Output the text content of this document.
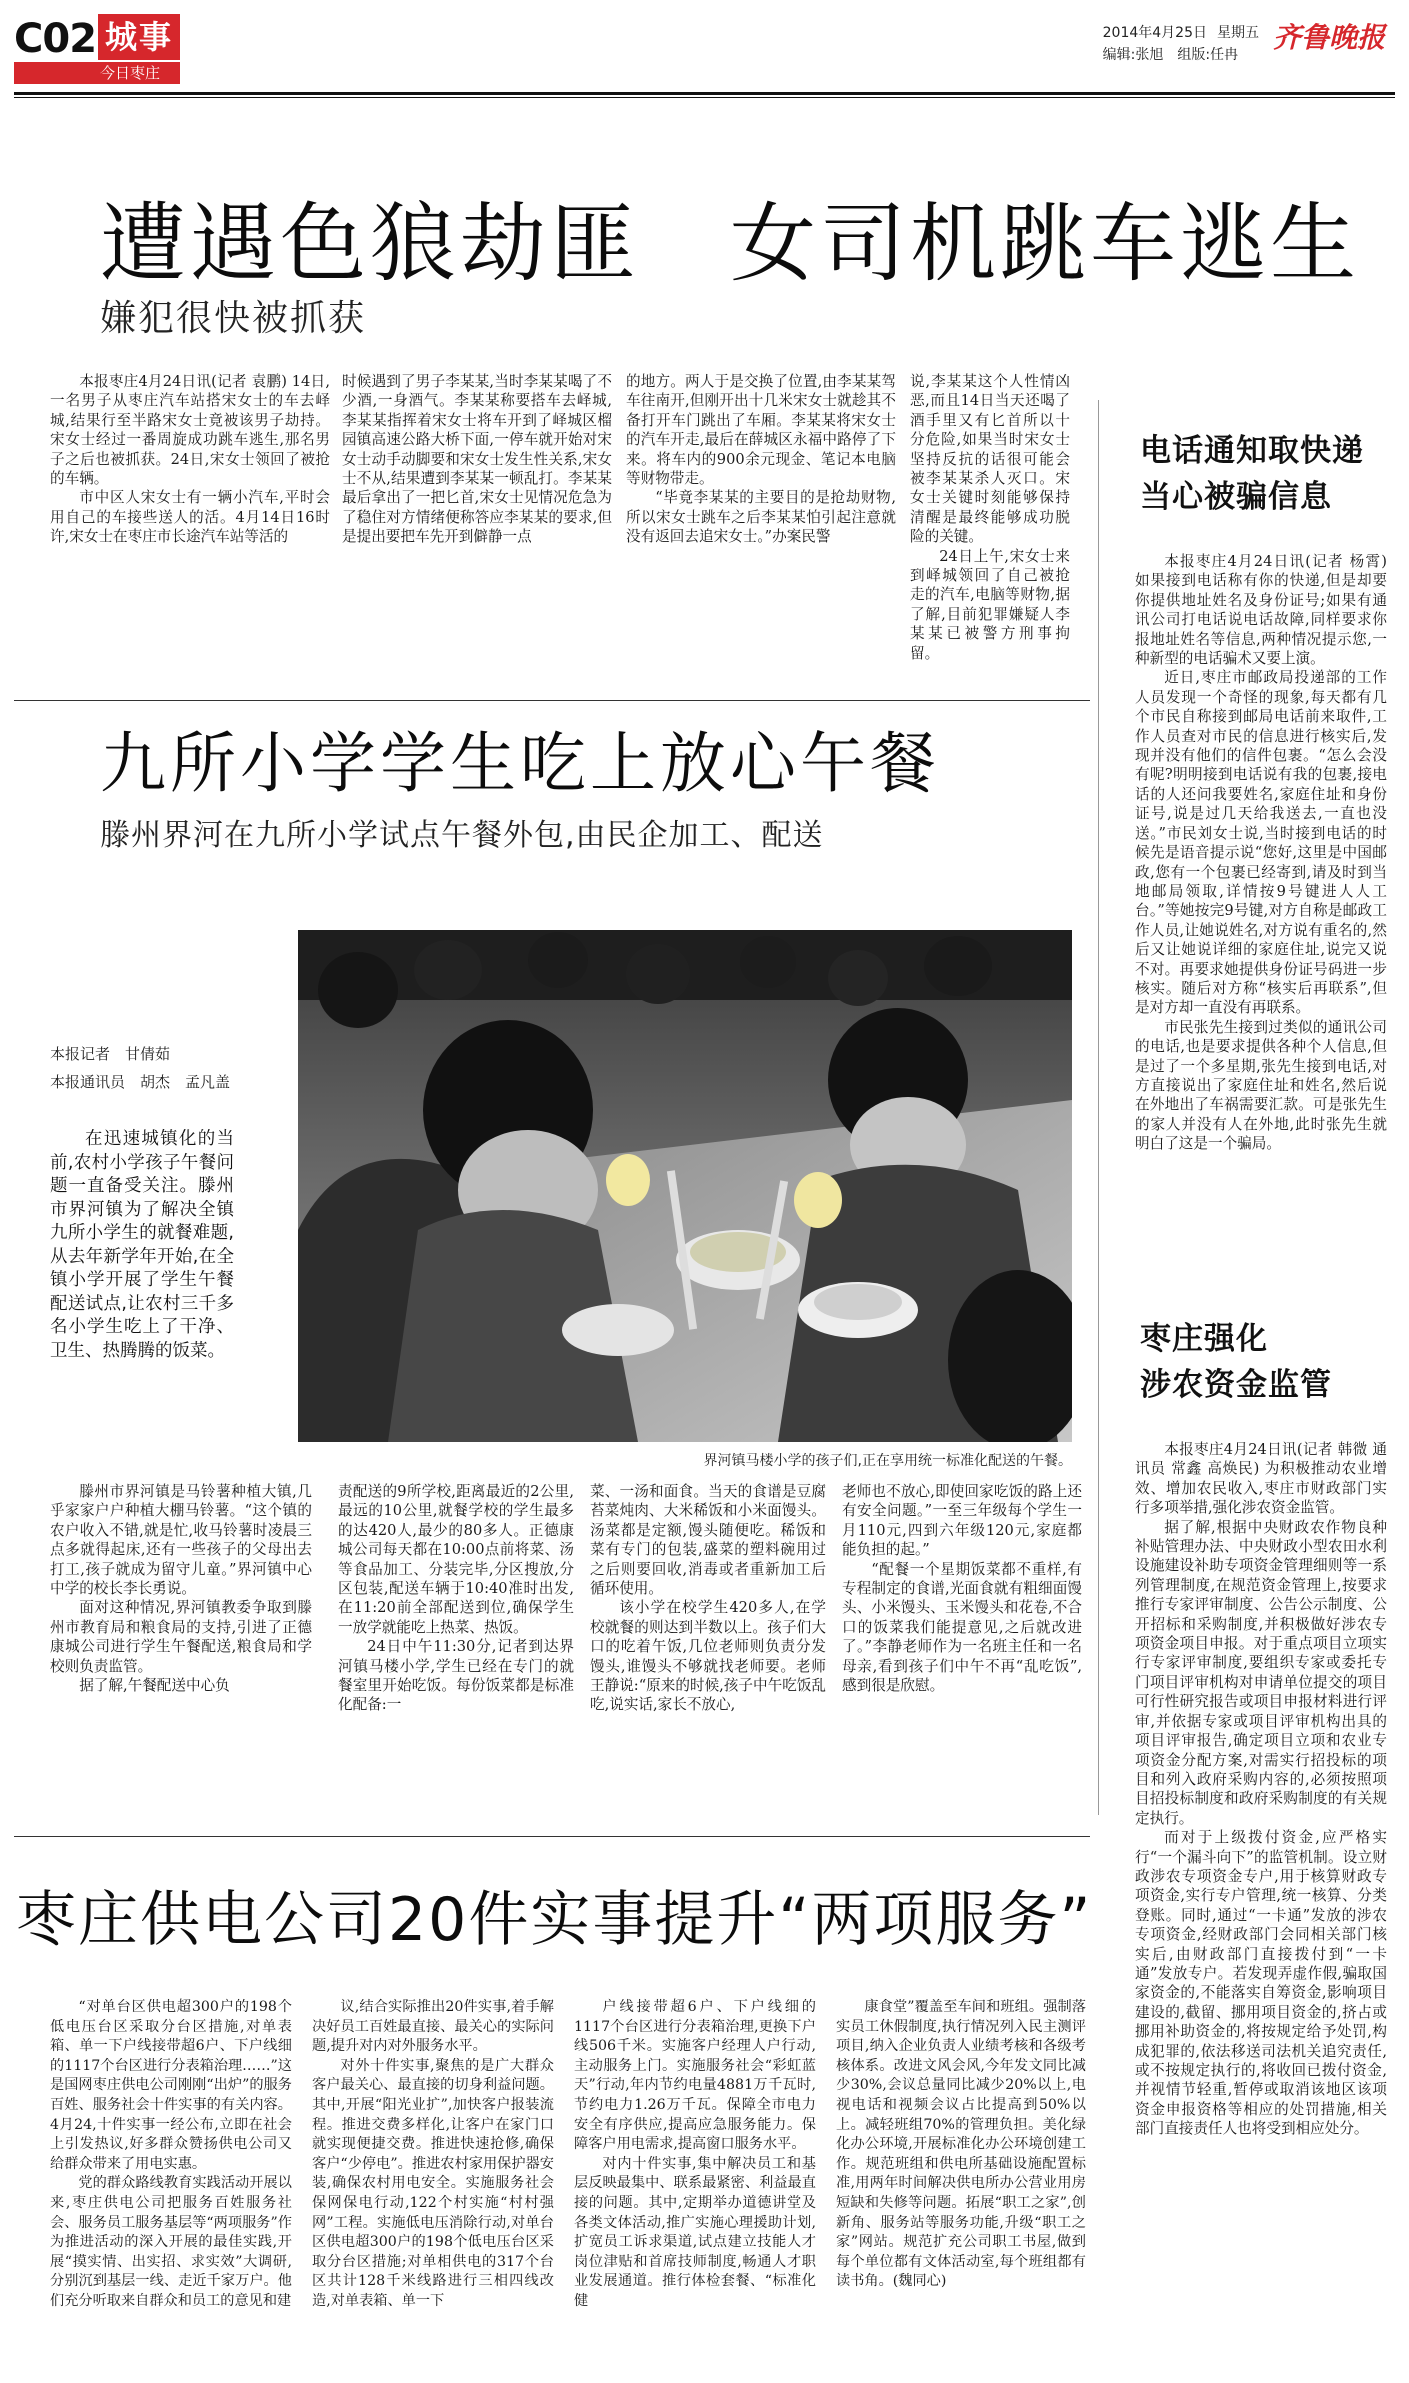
C02 城事
今日枣庄
2014年4月25日 星期五
编辑:张旭　 组版:任冉
齐鲁晚报
遭遇色狼劫匪　女司机跳车逃生
嫌犯很快被抓获

本报枣庄4月24日讯(记者 袁鹏) 14日,一名男子从枣庄汽车站搭宋女士的车去峄城,结果行至半路宋女士竟被该男子劫持。宋女士经过一番周旋成功跳车逃生,那名男子之后也被抓获。24日,宋女士领回了被抢的车辆。

市中区人宋女士有一辆小汽车,平时会用自己的车接些送人的活。4月14日16时许,宋女士在枣庄市长途汽车站等活的

时候遇到了男子李某某,当时李某某喝了不少酒,一身酒气。李某某称要搭车去峄城,李某某指挥着宋女士将车开到了峄城区榴园镇高速公路大桥下面,一停车就开始对宋女士动手动脚要和宋女士发生性关系,宋女士不从,结果遭到李某某一顿乱打。李某某最后拿出了一把匕首,宋女士见情况危急为了稳住对方情绪便称答应李某某的要求,但是提出要把车先开到僻静一点

的地方。两人于是交换了位置,由李某某驾车往南开,但刚开出十几米宋女士就趁其不备打开车门跳出了车厢。李某某将宋女士的汽车开走,最后在薛城区永福中路停了下来。将车内的900余元现金、笔记本电脑等财物带走。

“毕竟李某某的主要目的是抢劫财物,所以宋女士跳车之后李某某怕引起注意就没有返回去追宋女士。”办案民警

说,李某某这个人性情凶恶,而且14日当天还喝了酒手里又有匕首所以十分危险,如果当时宋女士坚持反抗的话很可能会被李某某杀人灭口。宋女士关键时刻能够保持清醒是最终能够成功脱险的关键。

24日上午,宋女士来到峄城领回了自己被抢走的汽车,电脑等财物,据了解,目前犯罪嫌疑人李某某已被警方刑事拘留。

电话通知取快递
当心被骗信息

本报枣庄4月24日讯(记者 杨霄) 如果接到电话称有你的快递,但是却要你提供地址姓名及身份证号;如果有通讯公司打电话说电话故障,同样要求你报地址姓名等信息,两种情况提示您,一种新型的电话骗术又要上演。

近日,枣庄市邮政局投递部的工作人员发现一个奇怪的现象,每天都有几个市民自称接到邮局电话前来取件,工作人员查对市民的信息进行核实后,发现并没有他们的信件包裹。“怎么会没有呢?明明接到电话说有我的包裹,接电话的人还问我要姓名,家庭住址和身份证号,说是过几天给我送去,一直也没送。”市民刘女士说,当时接到电话的时候先是语音提示说“您好,这里是中国邮政,您有一个包裹已经寄到,请及时到当地邮局领取,详情按9号键进人人工台。”等她按完9号键,对方自称是邮政工作人员,让她说姓名,对方说有重名的,然后又让她说详细的家庭住址,说完又说不对。再要求她提供身份证号码进一步核实。随后对方称“核实后再联系”,但是对方却一直没有再联系。

市民张先生接到过类似的通讯公司的电话,也是要求提供各种个人信息,但是过了一个多星期,张先生接到电话,对方直接说出了家庭住址和姓名,然后说在外地出了车祸需要汇款。可是张先生的家人并没有人在外地,此时张先生就明白了这是一个骗局。

枣庄强化
涉农资金监管

本报枣庄4月24日讯(记者 韩微 通讯员 常鑫 高焕民) 为积极推动农业增效、增加农民收入,枣庄市财政部门实行多项举措,强化涉农资金监管。

据了解,根据中央财政农作物良种补贴管理办法、中央财政小型农田水利设施建设补助专项资金管理细则等一系列管理制度,在规范资金管理上,按要求推行专家评审制度、公告公示制度、公开招标和采购制度,并积极做好涉农专项资金项目申报。对于重点项目立项实行专家评审制度,要组织专家或委托专门项目评审机构对申请单位提交的项目可行性研究报告或项目申报材料进行评审,并依据专家或项目评审机构出具的项目评审报告,确定项目立项和农业专项资金分配方案,对需实行招投标的项目和列入政府采购内容的,必须按照项目招投标制度和政府采购制度的有关规定执行。

而对于上级拨付资金,应严格实行“一个漏斗向下”的监管机制。设立财政涉农专项资金专户,用于核算财政专项资金,实行专户管理,统一核算、分类登账。同时,通过“一卡通”发放的涉农专项资金,经财政部门会同相关部门核实后,由财政部门直接拨付到“一卡通”发放专户。若发现弄虚作假,骗取国家资金的,不能落实自筹资金,影响项目建设的,截留、挪用项目资金的,挤占或挪用补助资金的,将按规定给予处罚,构成犯罪的,依法移送司法机关追究责任,或不按规定执行的,将收回已拨付资金,并视情节轻重,暂停或取消该地区该项资金申报资格等相应的处罚措施,相关部门直接责任人也将受到相应处分。

九所小学学生吃上放心午餐
滕州界河在九所小学试点午餐外包,由民企加工、配送
本报记者　甘倩茹
本报通讯员　胡杰　孟凡盖

在迅速城镇化的当前,农村小学孩子午餐问题一直备受关注。滕州市界河镇为了解决全镇九所小学生的就餐难题,从去年新学年开始,在全镇小学开展了学生午餐配送试点,让农村三千多名小学生吃上了干净、卫生、热腾腾的饭菜。

界河镇马楼小学的孩子们,正在享用统一标准化配送的午餐。

滕州市界河镇是马铃薯种植大镇,几乎家家户户种植大棚马铃薯。“这个镇的农户收入不错,就是忙,收马铃薯时凌晨三点多就得起床,还有一些孩子的父母出去打工,孩子就成为留守儿童。”界河镇中心中学的校长李长勇说。

面对这种情况,界河镇教委争取到滕州市教育局和粮食局的支持,引进了正德康城公司进行学生午餐配送,粮食局和学校则负责监管。

据了解,午餐配送中心负

责配送的9所学校,距离最近的2公里,最远的10公里,就餐学校的学生最多的达420人,最少的80多人。正德康城公司每天都在10:00点前将菜、汤等食品加工、分装完毕,分区搜放,分区包装,配送车辆于10:40准时出发,在11:20前全部配送到位,确保学生一放学就能吃上热菜、热饭。

24日中午11:30分,记者到达界河镇马楼小学,学生已经在专门的就餐室里开始吃饭。每份饭菜都是标准化配备:一

菜、一汤和面食。当天的食谱是豆腐苔菜炖肉、大米稀饭和小米面馒头。汤菜都是定额,馒头随便吃。稀饭和菜有专门的包装,盛菜的塑料碗用过之后则要回收,消毒或者重新加工后循环使用。

该小学在校学生420多人,在学校就餐的则达到半数以上。孩子们大口的吃着午饭,几位老师则负责分发馒头,谁馒头不够就找老师要。老师王静说:“原来的时候,孩子中午吃饭乱吃,说实话,家长不放心,

老师也不放心,即使回家吃饭的路上还有安全问题。”一至三年级每个学生一月110元,四到六年级120元,家庭都能负担的起。”

“配餐一个星期饭菜都不重样,有专程制定的食谱,光面食就有粗细面馒头、小米馒头、玉米馒头和花卷,不合口的饭菜我们能提意见,之后就改进了。”李静老师作为一名班主任和一名母亲,看到孩子们中午不再“乱吃饭”,感到很是欣慰。

枣庄供电公司20件实事提升“两项服务”

“对单台区供电超300户的198个低电压台区采取分台区措施,对单表箱、单一下户线接带超6户、下户线细的1117个台区进行分表箱治理……”这是国网枣庄供电公司刚刚“出炉”的服务百姓、服务社会十件实事的有关内容。4月24,十件实事一经公布,立即在社会上引发热议,好多群众赞扬供电公司又给群众带来了用电实惠。

党的群众路线教育实践活动开展以来,枣庄供电公司把服务百姓服务社会、服务员工服务基层等“两项服务”作为推进活动的深入开展的最佳实践,开展“摸实情、出实招、求实效”大调研,分别沉到基层一线、走近千家万户。他们充分听取来自群众和员工的意见和建

议,结合实际推出20件实事,着手解决好员工百姓最直接、最关心的实际问题,提升对内对外服务水平。

对外十件实事,聚焦的是广大群众客户最关心、最直接的切身利益问题。其中,开展“阳光业扩”,加快客户报装流程。推进交费多样化,让客户在家门口就实现便捷交费。推进快速抢修,确保客户“少停电”。推进农村家用保护器安装,确保农村用电安全。实施服务社会保网保电行动,122个村实施“村村强网”工程。实施低电压消除行动,对单台区供电超300户的198个低电压台区采取分台区措施;对单相供电的317个台区共计128千米线路进行三相四线改造,对单表箱、单一下

户线接带超6户、下户线细的1117个台区进行分表箱治理,更换下户线506千米。实施客户经理人户行动,主动服务上门。实施服务社会“彩虹蓝天”行动,年内节约电量4881万千瓦时,节约电力1.26万千瓦。保障全市电力安全有序供应,提高应急服务能力。保障客户用电需求,提高窗口服务水平。

对内十件实事,集中解决员工和基层反映最集中、联系最紧密、利益最直接的问题。其中,定期举办道德讲堂及各类文体活动,推广实施心理援助计划,扩宽员工诉求渠道,试点建立技能人才岗位津贴和首席技师制度,畅通人才职业发展通道。推行体检套餐、“标准化健

康食堂”覆盖至车间和班组。强制落实员工休假制度,执行情况列入民主测评项目,纳入企业负责人业绩考核和各级考核体系。改进文风会风,今年发文同比减少30%,会议总量同比减少20%以上,电视电话和视频会议占比提高到50%以上。减轻班组70%的管理负担。美化绿化办公环境,开展标准化办公环境创建工作。规范班组和供电所基础设施配置标准,用两年时间解决供电所办公营业用房短缺和失修等问题。拓展“职工之家”,创新角、服务站等服务功能,升级“职工之家”网站。规范扩充公司职工书屋,做到每个单位都有文体活动室,每个班组都有读书角。(魏同心)
